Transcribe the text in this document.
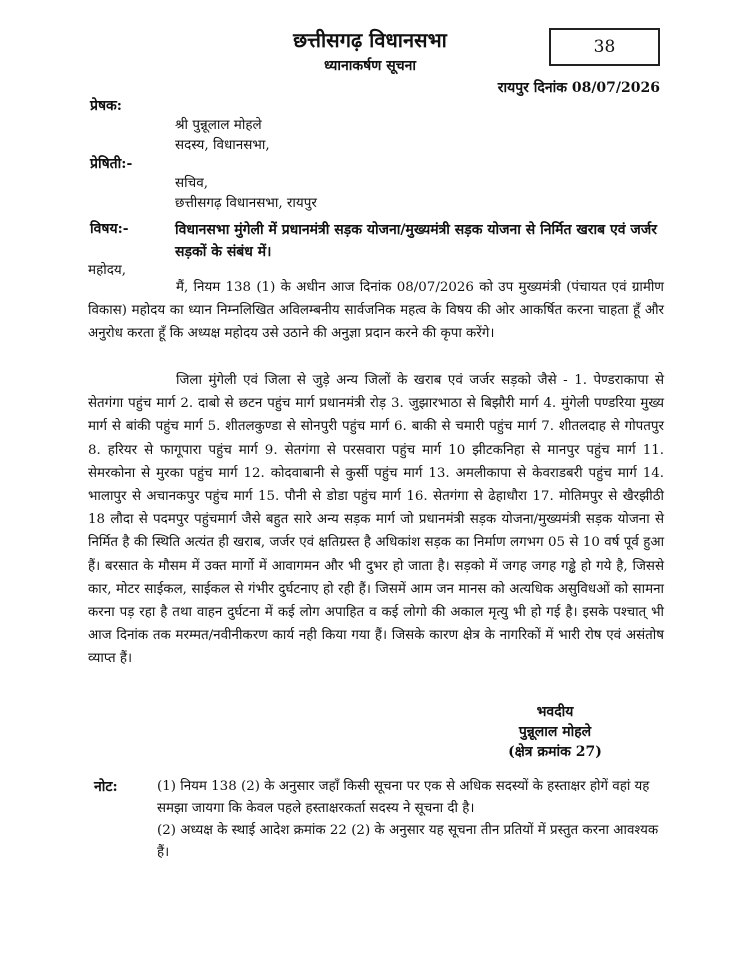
छत्तीसगढ़ विधानसभा
ध्यानाकर्षण सूचना
38
रायपुर दिनांक 08/07/2026
प्रेषक:
श्री पुन्नूलाल मोहले
सदस्य, विधानसभा,
प्रेषिती:-
सचिव,
छत्तीसगढ़ विधानसभा, रायपुर
विषय:-	विधानसभा मुंगेली में प्रधानमंत्री सड़क योजना/मुख्यमंत्री सड़क योजना से निर्मित खराब एवं जर्जर सड़कों के संबंध में।
महोदय,
मैं, नियम 138 (1) के अधीन आज दिनांक 08/07/2026 को उप मुख्यमंत्री (पंचायत एवं ग्रामीण विकास) महोदय का ध्यान निम्नलिखित अविलम्बनीय सार्वजनिक महत्व के विषय की ओर आकर्षित करना चाहता हूँ और अनुरोध करता हूँ कि अध्यक्ष महोदय उसे उठाने की अनुज्ञा प्रदान करने की कृपा करेंगे।
जिला मुंगेली एवं जिला से जुड़े अन्य जिलों के खराब एवं जर्जर सड़को जैसे - 1. पेण्डराकापा से सेतगंगा पहुंच मार्ग 2. दाबो से छटन पहुंच मार्ग प्रधानमंत्री रोड़ 3. जुझारभाठा से बिझौरी मार्ग 4. मुंगेली पण्डरिया मुख्य मार्ग से बांकी पहुंच मार्ग 5. शीतलकुण्डा से सोनपुरी पहुंच मार्ग 6. बाकी से चमारी पहुंच मार्ग 7. शीतलदाह से गोपतपुर 8. हरियर से फागूपारा पहुंच मार्ग 9. सेतगंगा से परसवारा पहुंच मार्ग 10 झीटकनिहा से मानपुर पहुंच मार्ग 11. सेमरकोना से मुरका पहुंच मार्ग 12. कोदवाबानी से कुर्सी पहुंच मार्ग 13. अमलीकापा से केवराडबरी पहुंच मार्ग 14. भालापुर से अचानकपुर पहुंच मार्ग 15. पौनी से डोडा पहुंच मार्ग 16. सेतगंगा से ढेहाधौरा 17. मोतिमपुर से खैरझीठी 18 लौदा से पदमपुर पहुंचमार्ग जैसे बहुत सारे अन्य सड़क मार्ग जो प्रधानमंत्री सड़क योजना/मुख्यमंत्री सड़क योजना से निर्मित है की स्थिति अत्यंत ही खराब, जर्जर एवं क्षतिग्रस्त है अधिकांश सड़क का निर्माण लगभग 05 से 10 वर्ष पूर्व हुआ हैं। बरसात के मौसम में उक्त मार्गो में आवागमन और भी दुभर हो जाता है। सड़को में जगह जगह गड्ढे हो गये है, जिससे कार, मोटर साईकल, साईकल से गंभीर दुर्घटनाए हो रही हैं। जिसमें आम जन मानस को अत्यधिक असुविधओं को सामना करना पड़ रहा है तथा वाहन दुर्घटना में कई लोग अपाहित व कई लोगो की अकाल मृत्यु भी हो गई है। इसके पश्चात् भी आज दिनांक तक मरम्मत/नवीनीकरण कार्य नही किया गया हैं। जिसके कारण क्षेत्र के नागरिकों में भारी रोष एवं असंतोष व्याप्त हैं।
भवदीय
पुन्नूलाल मोहले
(क्षेत्र क्रमांक 27)
नोट:	(1) नियम 138 (2) के अनुसार जहाँ किसी सूचना पर एक से अधिक सदस्यों के हस्ताक्षर होगें वहां यह समझा जायगा कि केवल पहले हस्ताक्षरकर्ता सदस्य ने सूचना दी है।
(2) अध्यक्ष के स्थाई आदेश क्रमांक 22 (2) के अनुसार यह सूचना तीन प्रतियों में प्रस्तुत करना आवश्यक हैं।
